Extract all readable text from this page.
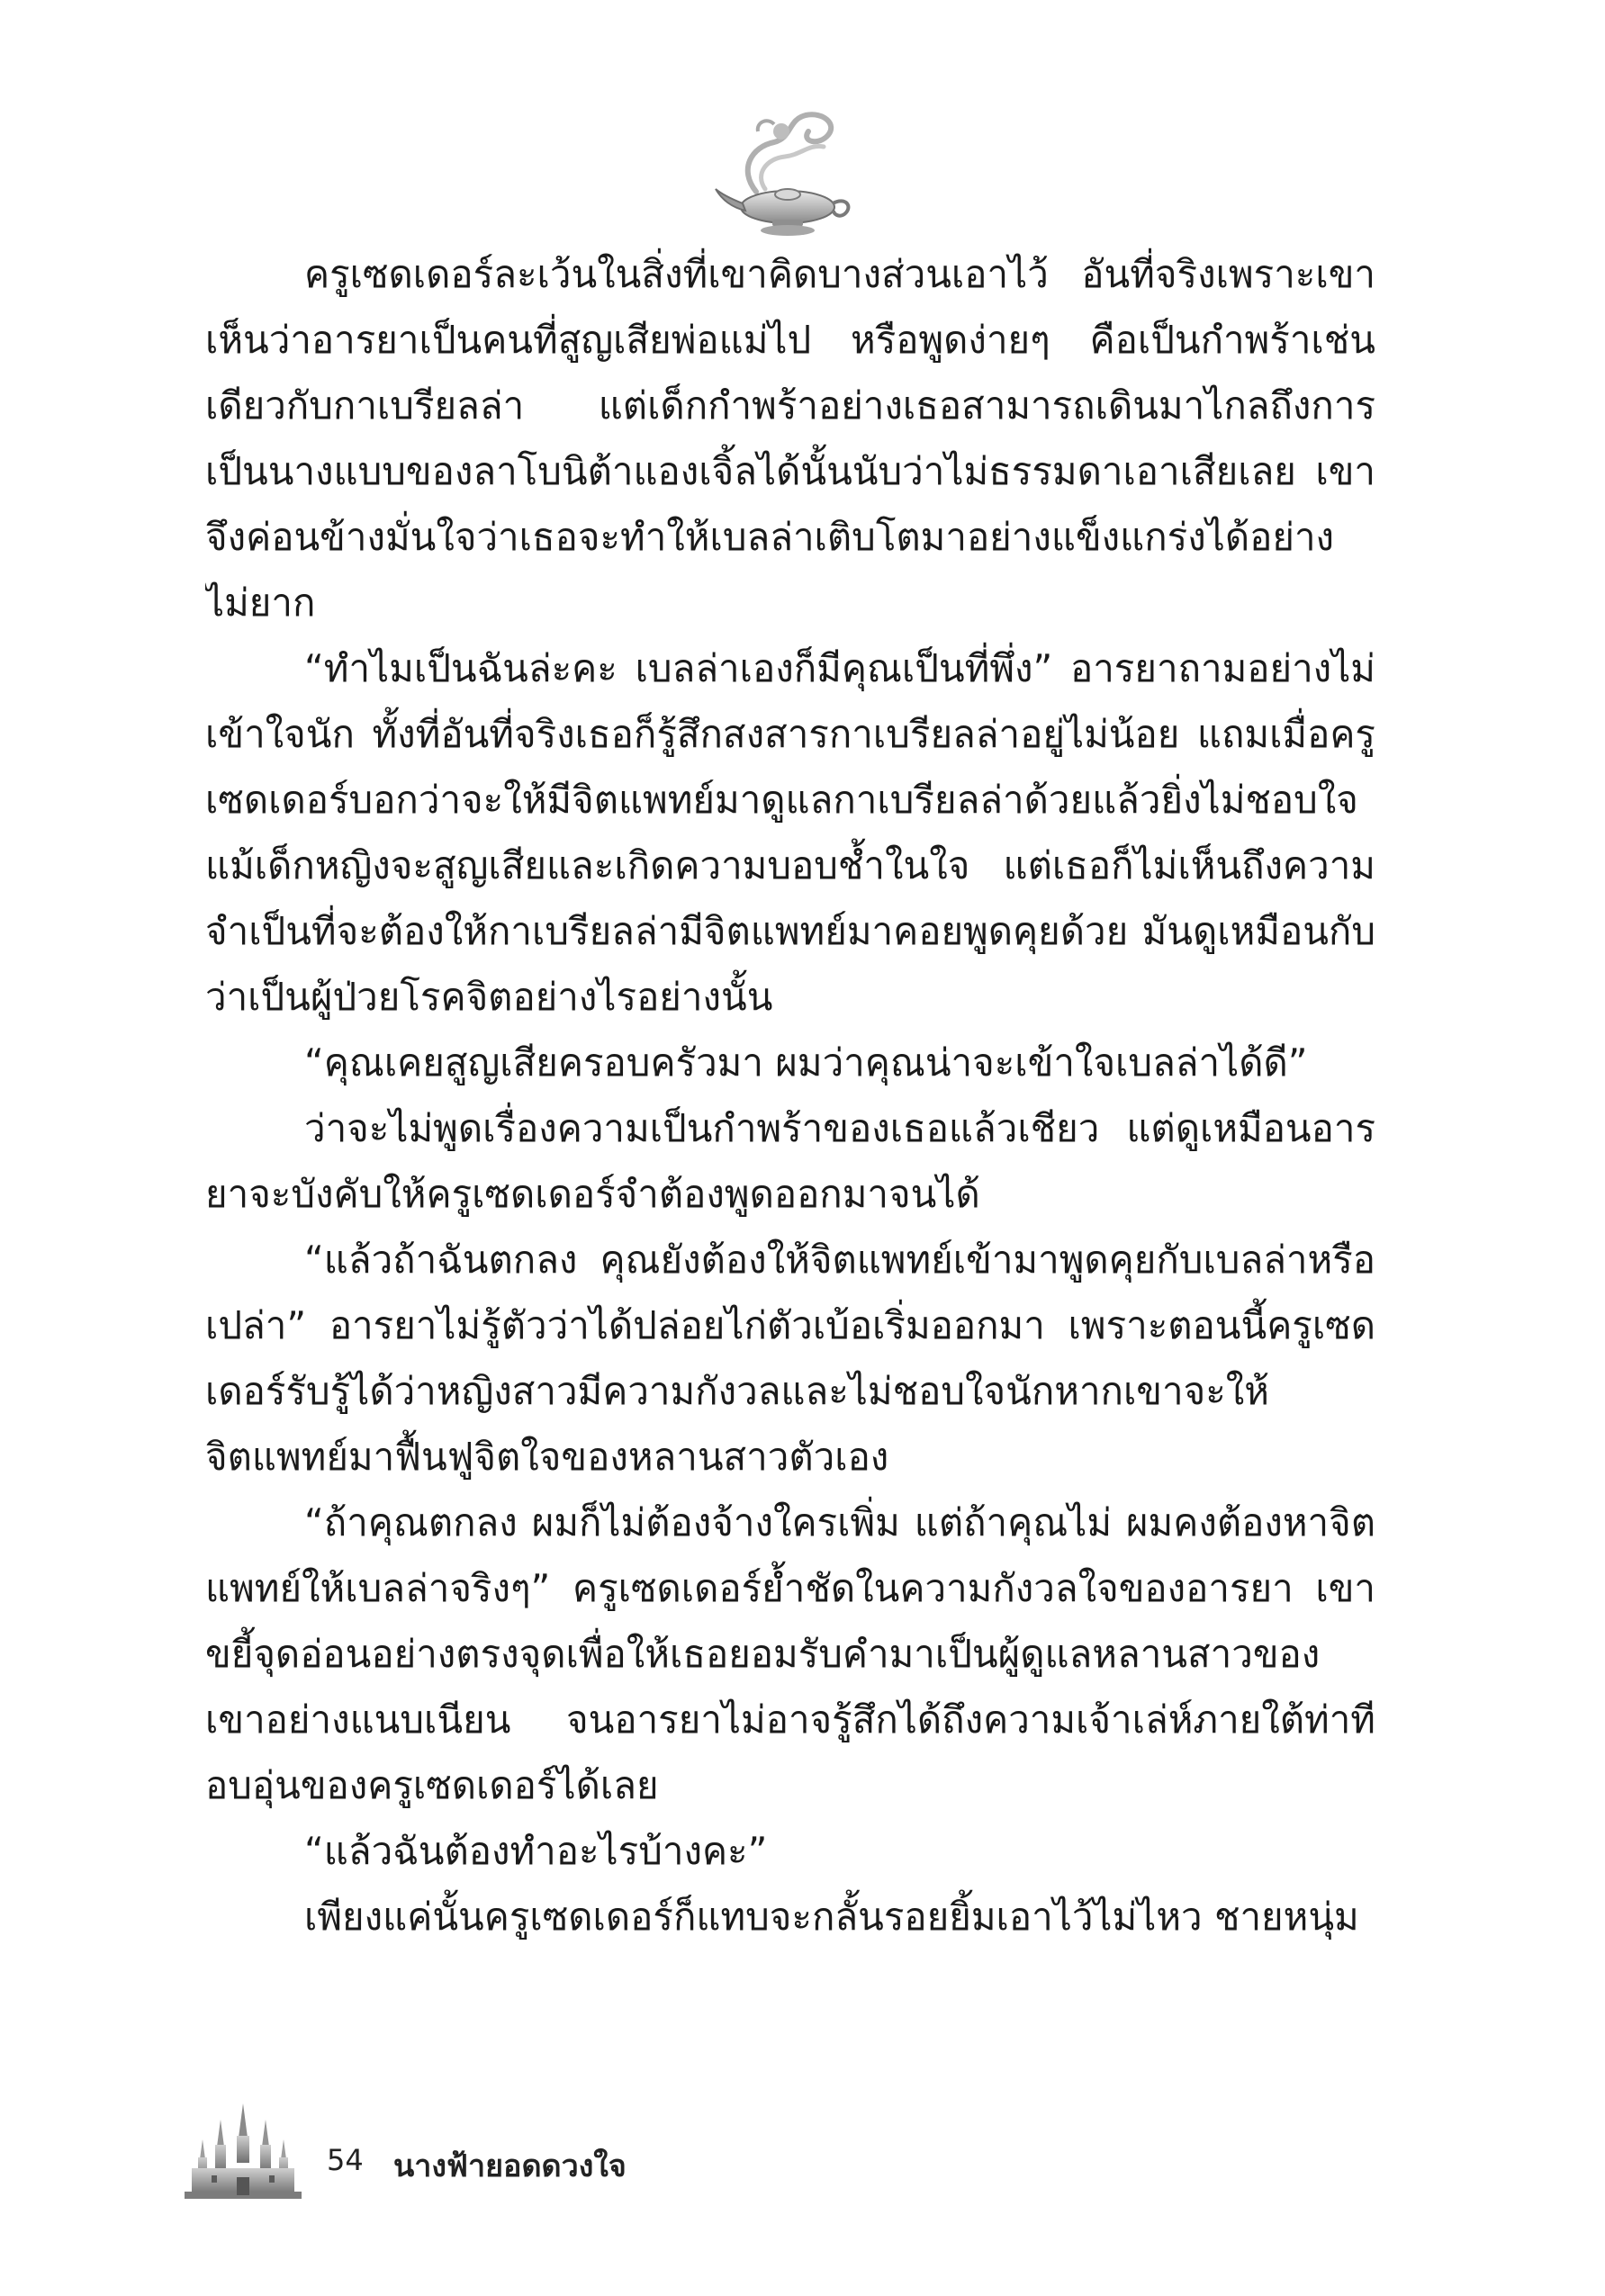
ครูเซดเดอร์ละเว้นในสิ่งที่เขาคิดบางส่วนเอาไว้ อันที่จริงเพราะเขาเห็นว่าอารยาเป็นคนที่สูญเสียพ่อแม่ไป หรือพูดง่ายๆ คือเป็นกำพร้าเช่นเดียวกับกาเบรียลล่า แต่เด็กกำพร้าอย่างเธอสามารถเดินมาไกลถึงการเป็นนางแบบของลาโบนิต้าแองเจิ้ลได้นั้นนับว่าไม่ธรรมดาเอาเสียเลย เขาจึงค่อนข้างมั่นใจว่าเธอจะทำให้เบลล่าเติบโตมาอย่างแข็งแกร่งได้อย่างไม่ยาก

“ทำไมเป็นฉันล่ะคะ เบลล่าเองก็มีคุณเป็นที่พึ่ง” อารยาถามอย่างไม่เข้าใจนัก ทั้งที่อันที่จริงเธอก็รู้สึกสงสารกาเบรียลล่าอยู่ไม่น้อย แถมเมื่อครูเซดเดอร์บอกว่าจะให้มีจิตแพทย์มาดูแลกาเบรียลล่าด้วยแล้วยิ่งไม่ชอบใจ แม้เด็กหญิงจะสูญเสียและเกิดความบอบช้ำในใจ แต่เธอก็ไม่เห็นถึงความจำเป็นที่จะต้องให้กาเบรียลล่ามีจิตแพทย์มาคอยพูดคุยด้วย มันดูเหมือนกับว่าเป็นผู้ป่วยโรคจิตอย่างไรอย่างนั้น

“คุณเคยสูญเสียครอบครัวมา ผมว่าคุณน่าจะเข้าใจเบลล่าได้ดี”

ว่าจะไม่พูดเรื่องความเป็นกำพร้าของเธอแล้วเชียว แต่ดูเหมือนอารยาจะบังคับให้ครูเซดเดอร์จำต้องพูดออกมาจนได้

“แล้วถ้าฉันตกลง คุณยังต้องให้จิตแพทย์เข้ามาพูดคุยกับเบลล่าหรือเปล่า” อารยาไม่รู้ตัวว่าได้ปล่อยไก่ตัวเบ้อเริ่มออกมา เพราะตอนนี้ครูเซดเดอร์รับรู้ได้ว่าหญิงสาวมีความกังวลและไม่ชอบใจนักหากเขาจะให้จิตแพทย์มาฟื้นฟูจิตใจของหลานสาวตัวเอง

“ถ้าคุณตกลง ผมก็ไม่ต้องจ้างใครเพิ่ม แต่ถ้าคุณไม่ ผมคงต้องหาจิตแพทย์ให้เบลล่าจริงๆ” ครูเซดเดอร์ย้ำชัดในความกังวลใจของอารยา เขาขยี้จุดอ่อนอย่างตรงจุดเพื่อให้เธอยอมรับคำมาเป็นผู้ดูแลหลานสาวของเขาอย่างแนบเนียน จนอารยาไม่อาจรู้สึกได้ถึงความเจ้าเล่ห์ภายใต้ท่าทีอบอุ่นของครูเซดเดอร์ได้เลย

“แล้วฉันต้องทำอะไรบ้างคะ”

เพียงแค่นั้นครูเซดเดอร์ก็แทบจะกลั้นรอยยิ้มเอาไว้ไม่ไหว ชายหนุ่ม

54 นางฟ้ายอดดวงใจ
